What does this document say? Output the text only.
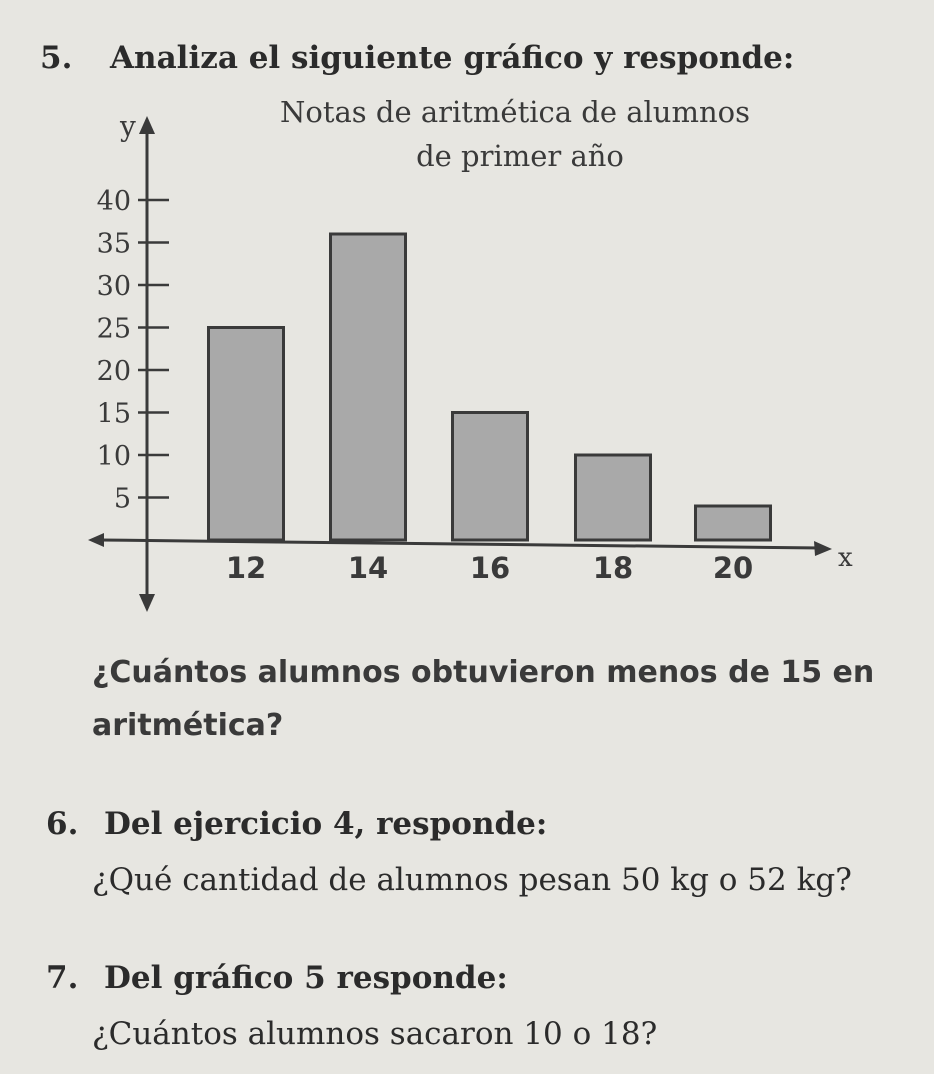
5. Analiza el siguiente gráfico y responde:
5
10
15
20
25
30
35
40
y
x
Notas de aritmética de alumnos
de primer año
12	14	16	18	20
¿Cuántos alumnos obtuvieron menos de 15 en
aritmética?
6. Del ejercicio 4, responde:
¿Qué cantidad de alumnos pesan 50 kg o 52 kg?
7. Del gráfico 5 responde:
¿Cuántos alumnos sacaron 10 o 18?
